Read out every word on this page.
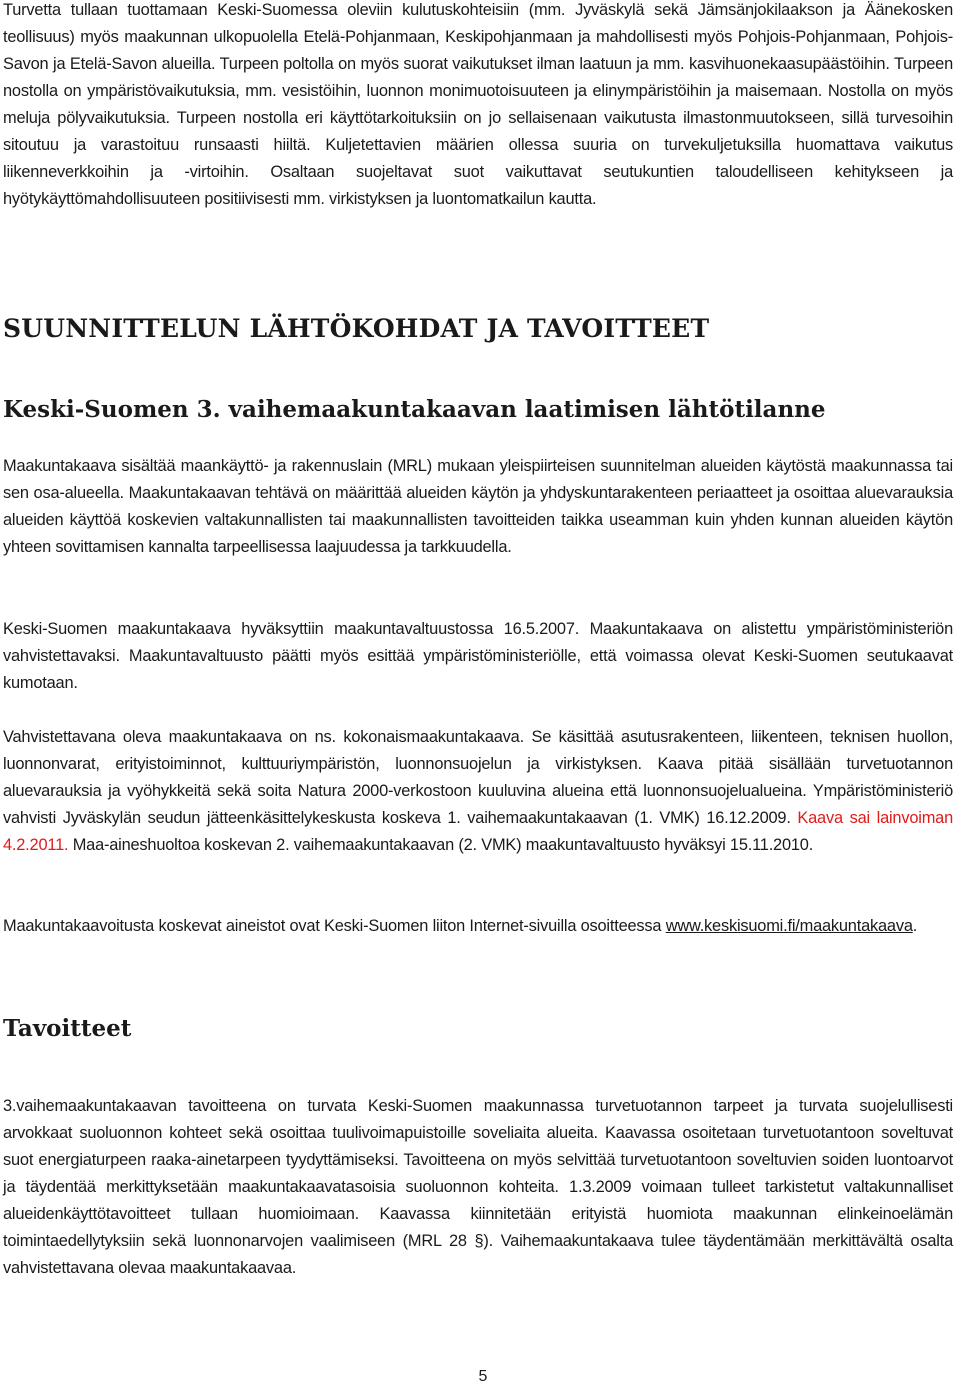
Turvetta tullaan tuottamaan Keski-Suomessa oleviin kulutuskohteisiin (mm. Jyväskylä sekä Jämsänjokilaakson ja Äänekosken teollisuus) myös maakunnan ulkopuolella Etelä-Pohjanmaan, Keskipohjanmaan ja mahdollisesti myös Pohjois-Pohjanmaan, Pohjois-Savon ja Etelä-Savon alueilla. Turpeen poltolla on myös suorat vaikutukset ilman laatuun ja mm. kasvihuonekaasupäästöihin. Turpeen nostolla on ympäristövaikutuksia, mm. vesistöihin, luonnon monimuotoisuuteen ja elinympäristöihin ja maisemaan. Nostolla on myös meluja pölyvaikutuksia. Turpeen nostolla eri käyttötarkoituksiin on jo sellaisenaan vaikutusta ilmastonmuutokseen, sillä turvesoihin sitoutuu ja varastoituu runsaasti hiiltä. Kuljetettavien määrien ollessa suuria on turvekuljetuksilla huomattava vaikutus liikenneverkkoihin ja -virtoihin. Osaltaan suojeltavat suot vaikuttavat seutukuntien taloudelliseen kehitykseen ja hyötykäyttömahdollisuuteen positiivisesti mm. virkistyksen ja luontomatkailun kautta.

SUUNNITTELUN LÄHTÖKOHDAT JA TAVOITTEET
Keski-Suomen 3. vaihemaakuntakaavan laatimisen lähtötilanne

Maakuntakaava sisältää maankäyttö- ja rakennuslain (MRL) mukaan yleispiirteisen suunnitelman alueiden käytöstä maakunnassa tai sen osa-alueella. Maakuntakaavan tehtävä on määrittää alueiden käytön ja yhdyskuntarakenteen periaatteet ja osoittaa aluevarauksia alueiden käyttöä koskevien valtakunnallisten tai maakunnallisten tavoitteiden taikka useamman kuin yhden kunnan alueiden käytön yhteen sovittamisen kannalta tarpeellisessa laajuudessa ja tarkkuudella.

Keski-Suomen maakuntakaava hyväksyttiin maakuntavaltuustossa 16.5.2007. Maakuntakaava on alistettu ympäristöministeriön vahvistettavaksi. Maakuntavaltuusto päätti myös esittää ympäristöministeriölle, että voimassa olevat Keski-Suomen seutukaavat kumotaan.

Vahvistettavana oleva maakuntakaava on ns. kokonaismaakuntakaava. Se käsittää asutusrakenteen, liikenteen, teknisen huollon, luonnonvarat, erityistoiminnot, kulttuuriympäristön, luonnonsuojelun ja virkistyksen. Kaava pitää sisällään turvetuotannon aluevarauksia ja vyöhykkeitä sekä soita Natura 2000-verkostoon kuuluvina alueina että luonnonsuojelualueina. Ympäristöministeriö vahvisti Jyväskylän seudun jätteenkäsittelykeskusta koskeva 1. vaihemaakuntakaavan (1. VMK) 16.12.2009. Kaava sai lainvoiman 4.2.2011. Maa-aineshuoltoa koskevan 2. vaihemaakuntakaavan (2. VMK) maakuntavaltuusto hyväksyi 15.11.2010.

Maakuntakaavoitusta koskevat aineistot ovat Keski-Suomen liiton Internet-sivuilla osoitteessa www.keskisuomi.fi/maakuntakaava.

Tavoitteet

3.vaihemaakuntakaavan tavoitteena on turvata Keski-Suomen maakunnassa turvetuotannon tarpeet ja turvata suojelullisesti arvokkaat suoluonnon kohteet sekä osoittaa tuulivoimapuistoille soveliaita alueita. Kaavassa osoitetaan turvetuotantoon soveltuvat suot energiaturpeen raaka-ainetarpeen tyydyttämiseksi. Tavoitteena on myös selvittää turvetuotantoon soveltuvien soiden luontoarvot ja täydentää merkittyksetään maakuntakaavatasoisia suoluonnon kohteita. 1.3.2009 voimaan tulleet tarkistetut valtakunnalliset alueidenkäyttötavoitteet tullaan huomioimaan. Kaavassa kiinnitetään erityistä huomiota maakunnan elinkeinoelämän toimintaedellytyksiin sekä luonnonarvojen vaalimiseen (MRL 28 §). Vaihemaakuntakaava tulee täydentämään merkittävältä osalta vahvistettavana olevaa maakuntakaavaa.

5
